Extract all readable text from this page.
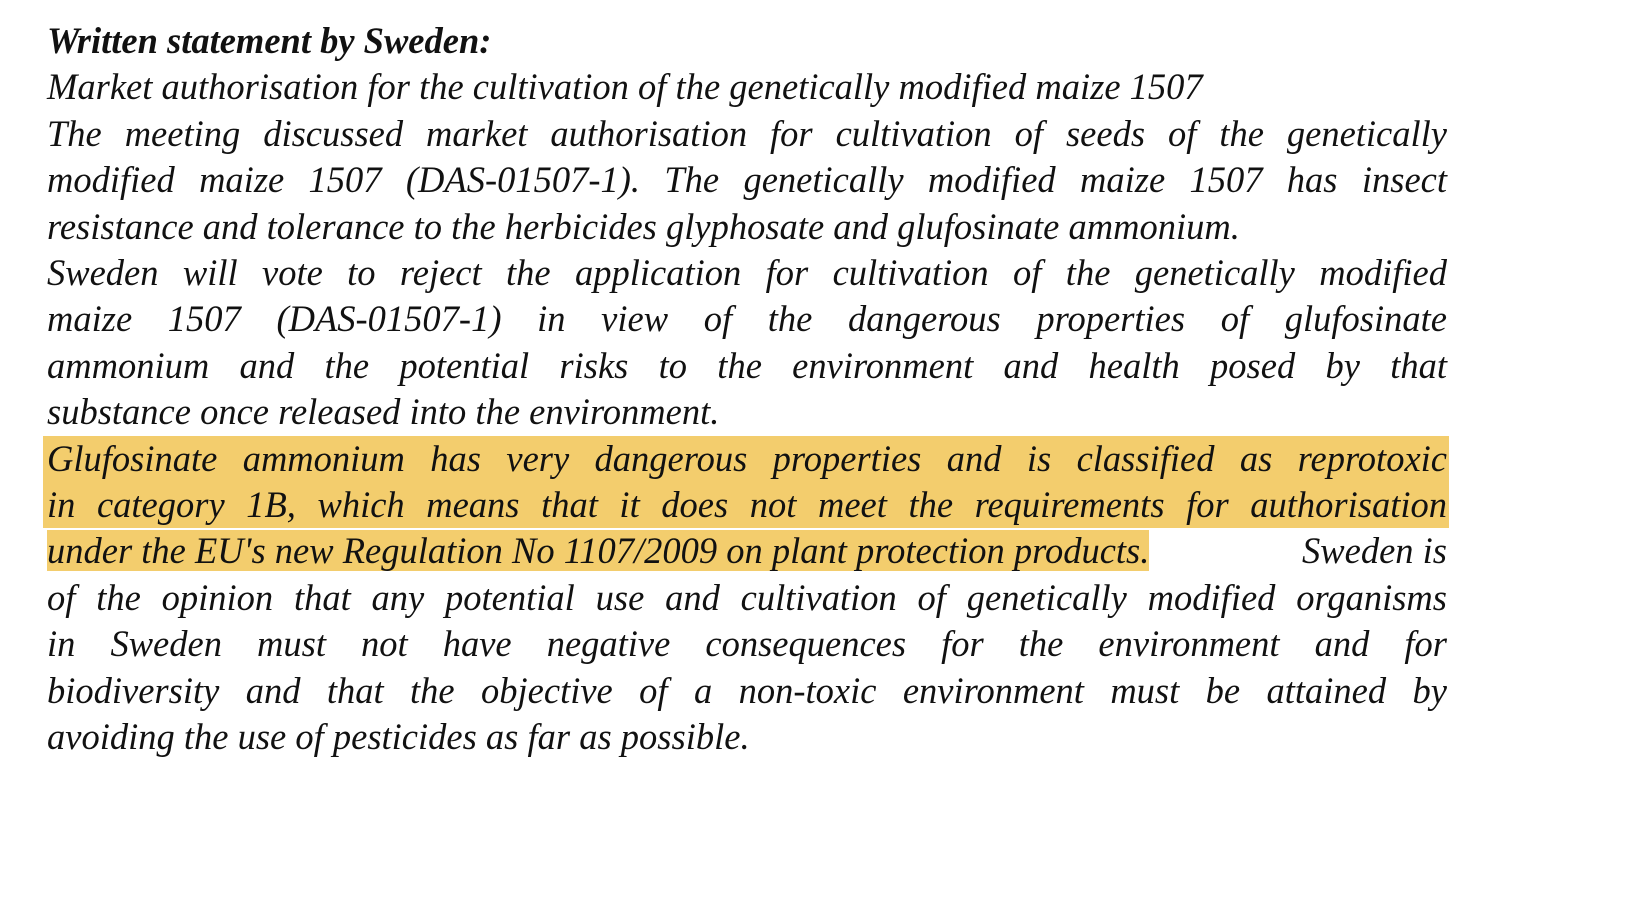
Written statement by Sweden:
Market authorisation for the cultivation of the genetically modified maize 1507
The meeting discussed market authorisation for cultivation of seeds of the genetically
modified maize 1507 (DAS-01507-1). The genetically modified maize 1507 has insect
resistance and tolerance to the herbicides glyphosate and glufosinate ammonium.
Sweden will vote to reject the application for cultivation of the genetically modified
maize 1507 (DAS-01507-1) in view of the dangerous properties of glufosinate
ammonium and the potential risks to the environment and health posed by that
substance once released into the environment.
Glufosinate ammonium has very dangerous properties and is classified as reprotoxic
in category 1B, which means that it does not meet the requirements for authorisation
under the EU's new Regulation No 1107/2009 on plant protection products.	Sweden is
of the opinion that any potential use and cultivation of genetically modified organisms
in Sweden must not have negative consequences for the environment and for
biodiversity and that the objective of a non-toxic environment must be attained by
avoiding the use of pesticides as far as possible.
